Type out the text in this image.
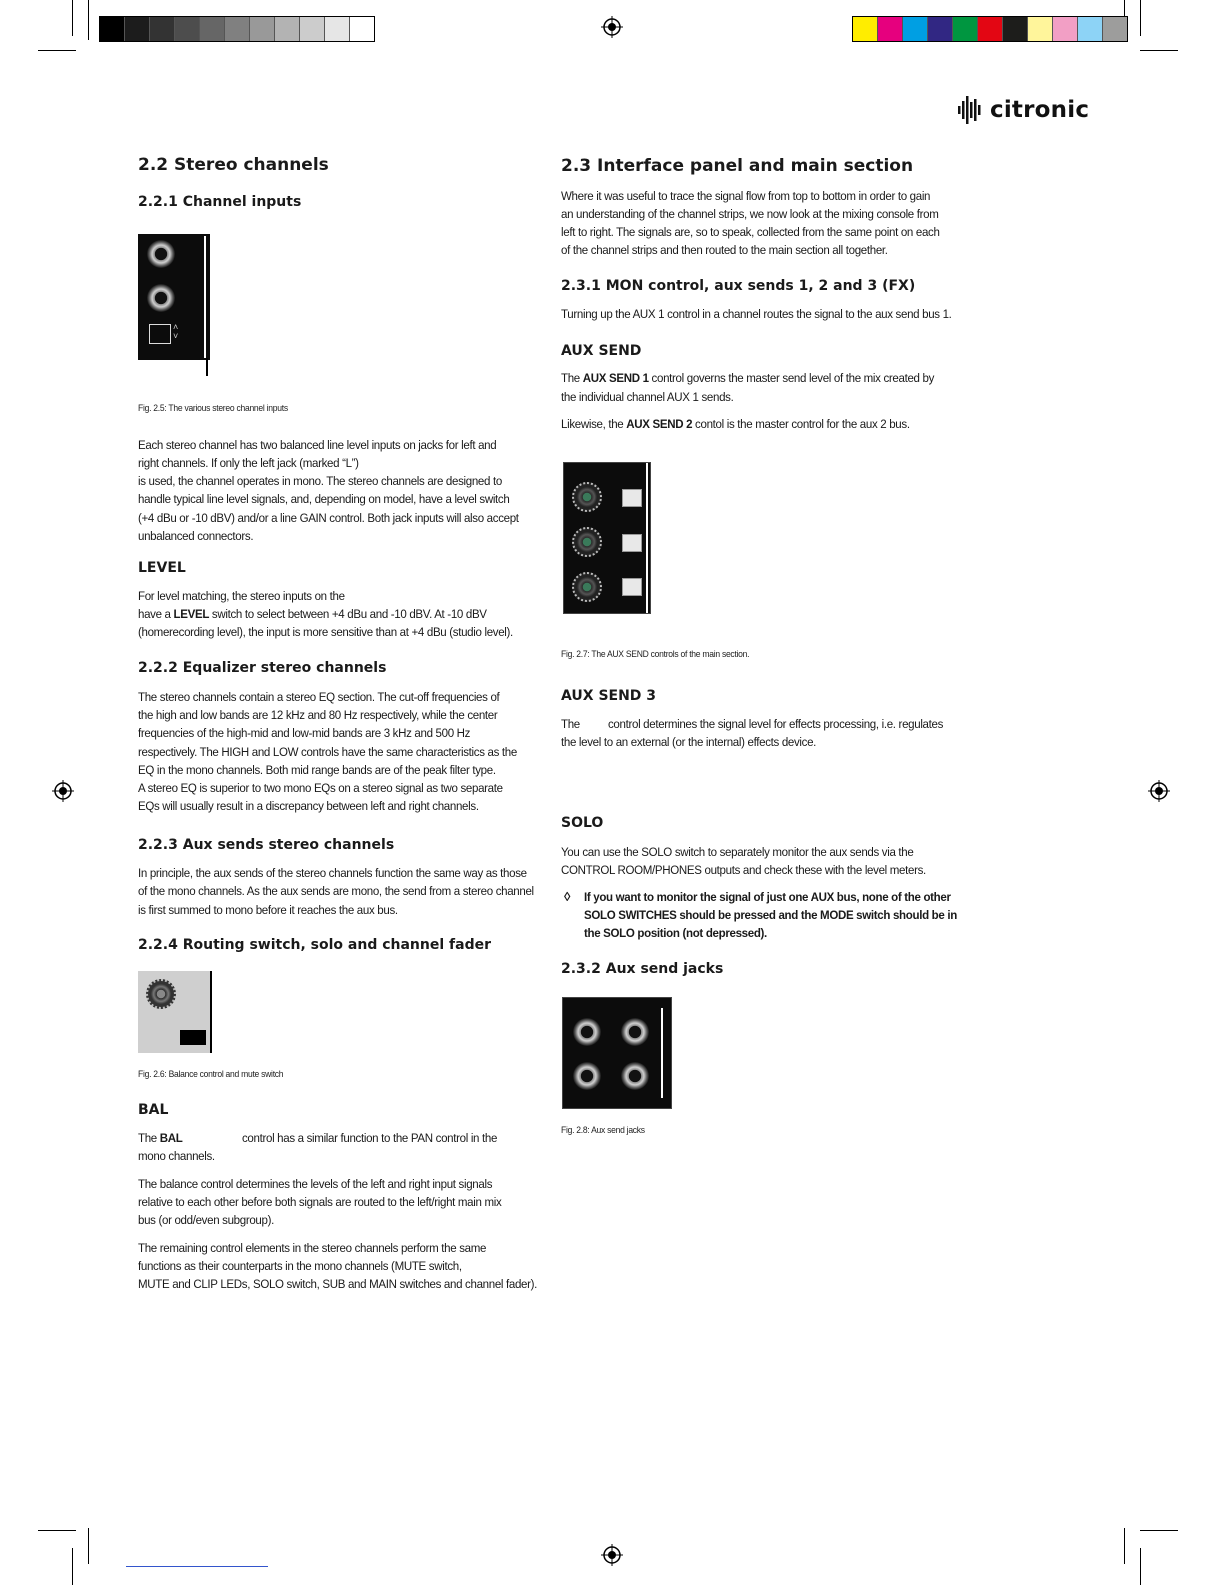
citronic
2.2 Stereo channels
2.2.1 Channel inputs
˄
˅
Fig. 2.5: The various stereo channel inputs

Each stereo channel has two balanced line level inputs on jacks for left and

right channels. If only the left jack (marked “L”)

is used, the channel operates in mono. The stereo channels are designed to

handle typical line level signals, and, depending on model, have a level switch

(+4 dBu or -10 dBV) and/or a line GAIN control. Both jack inputs will also accept

unbalanced connectors.

LEVEL

For level matching, the stereo inputs on the

have a LEVEL switch to select between +4 dBu and -10 dBV. At -10 dBV

(homerecording level), the input is more sensitive than at +4 dBu (studio level).

2.2.2 Equalizer stereo channels

The stereo channels contain a stereo EQ section. The cut-off frequencies of

the high and low bands are 12 kHz and 80 Hz respectively, while the center

frequencies of the high-mid and low-mid bands are 3 kHz and 500 Hz

respectively. The HIGH and LOW controls have the same characteristics as the

EQ in the mono channels. Both mid range bands are of the peak filter type.

A stereo EQ is superior to two mono EQs on a stereo signal as two separate

EQs will usually result in a discrepancy between left and right channels.

2.2.3 Aux sends stereo channels

In principle, the aux sends of the stereo channels function the same way as those

of the mono channels. As the aux sends are mono, the send from a stereo channel

is first summed to mono before it reaches the aux bus.

2.2.4 Routing switch, solo and channel fader
Fig. 2.6: Balance control and mute switch
BAL

The BAL	control has a similar function to the PAN control in the

mono channels.

The balance control determines the levels of the left and right input signals

relative to each other before both signals are routed to the left/right main mix

bus (or odd/even subgroup).

The remaining control elements in the stereo channels perform the same

functions as their counterparts in the mono channels (MUTE switch,

MUTE and CLIP LEDs, SOLO switch, SUB and MAIN switches and channel fader).

2.3 Interface panel and main section

Where it was useful to trace the signal flow from top to bottom in order to gain

an understanding of the channel strips, we now look at the mixing console from

left to right. The signals are, so to speak, collected from the same point on each

of the channel strips and then routed to the main section all together.

2.3.1 MON control, aux sends 1, 2 and 3 (FX)

Turning up the AUX 1 control in a channel routes the signal to the aux send bus 1.

AUX SEND

The AUX SEND 1 control governs the master send level of the mix created by

the individual channel AUX 1 sends.

Likewise, the AUX SEND 2 contol is the master control for the aux 2 bus.

Fig. 2.7: The AUX SEND controls of the main section.
AUX SEND 3

The control determines the signal level for effects processing, i.e. regulates

the level to an external (or the internal) effects device.

SOLO

You can use the SOLO switch to separately monitor the aux sends via the

CONTROL ROOM/PHONES outputs and check these with the level meters.

◊ If you want to monitor the signal of just one AUX bus, none of the other

SOLO SWITCHES should be pressed and the MODE switch should be in

the SOLO position (not depressed).

2.3.2 Aux send jacks
Fig. 2.8: Aux send jacks
